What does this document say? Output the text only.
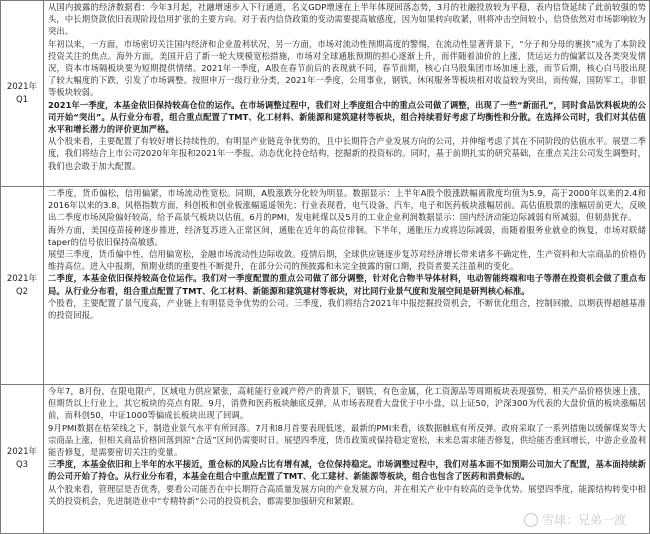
2021年
Q1

从国内披露的经济数据看：今年3月起，社融增速步入下行通道，名义GDP增速在上半年体现回落态势，3月的社融投放较为平稳，表内信贷延续了此前较强的势头，中长期贷款依旧表现阶段信用扩张的主要方向。对于表内信贷政策的变动需要提高敏感度，因为如果转向收紧，则将冲击空间较小，信贷依然对市场影响较为突出。

年初以来，一方面，市场密切关注国内经济和企业盈利状况，另一方面，市场对流动性预期高度的警惕，在流动性显著背景下，“分子和分母的裹挟”成为了本阶段投资关注的焦点。海外方面，美国开启了新一轮大规模宽松措施，市场对全球通胀预期的担心逐渐上升，而伴随着油价的上涨，货运运力的偏紧以及各类突发情况，资本市场隔板块要为短期提供情绪。2021年一季度，A股在春节前后的表现就不同，春节前期，核心白马股集团市场加速上涨，而节后期，核心白马股出现了较大幅度的下跌，引发了市场调整。按照申万一级行业分类，2021年一季度，公用事业，钢铁，休闲服务等板块相对收益较为突出，而传媒，国防军工，非银等板块较弱。

2021年一季度，本基金依旧保持较高仓位的运作。在市场调整过程中，我们对上季度组合中的重点公司做了调整，出现了一些“新面孔”，同时食品饮料板块的公司开始“突出”。从行业分布看，组合重点配置了TMT、化工材料、新能源和建筑建材等板块，组合持续看好考虑了均衡性和分散。在选择公司时，我们对其估值水平和增长潜力的评价更加严格。

从个股来看，主要配置了有较好增长持续性的，有明显产业链竞争优势的，且中长期符合产业发展方向的公司，并伸缩考虑了其在不同阶段的估值水平。展望二季度，我们将结合上市公司2020年年报和2021年一季报，动态优化持仓结构，挖掘新的投资标的。同时，基于前期扎实的研究基础，在重点关注公司发生调整时，我们也会敢于加大配置。

2021年
Q2

二季度，货币偏松，信用偏紧，市场流动性宽松。同期，A股涨跌分化较为明显。数据显示：上半年A股个股涨跌幅离散度均值为5.9，高于2000年以来的2.4和2016年以来的3.8。风格指数方面，科创板和创业板涨幅遥遥领先；行业表现看，电气设备，汽车，电子和医药板块涨幅居前。高估值股票的涨幅居前更大，反映出二季度市场风险偏好较高，给予高景气板块以估值。6月的PMI，发电耗煤以及5月的工业企业利润数据显示：国内经济动能边际减弱有所减弱，但韧劲犹存。

海外方面，美国疫苗接种逐步推进，经济复苏进入正常区间，通胀在近年的高位徘徊。下半年，通胀压力或将边际减弱，而随着服务业就业的恢复，市场对联储 taper的信号依旧保持高敏感。

展望三季度，货币偏中性，信用偏宽松，金融市场流动性边际收敛。疫情后期，全球供应链逐步复苏对经济增长带来诸多不确定性，生产资料和大宗商品的价格仍维持高位。进入中报期，预期业绩的重要性不断提升，在部分公司的预披露和未完全披露的窗口期，投资者要关注盈利的变化。

二季度，本基金依旧保持较高仓位运作。我们对一季度配置的重点公司做了部分调整，针对化合物半导体材料，电动智能终端和电子等潜在投资机会做了重点布局。从行业分布看，组合重点配置了TMT、化工材料、新能源和建筑建材等板块，对比同行业景气度和发展空间是研判核心标准。

个股看，主要配置了景气度高，产业链上有明显竞争优势的公司。三季度，我们将结合2021年中报挖掘投资机会，不断优化组合，控制回撤，以期获得超越基准的投资回报。

2021年
Q3

今年7，8月份，在限电限产，区域电力供应紧张，高耗能行业减产停产的背景下，钢铁，有色金属，化工资源品等周期板块表现强势，相关产品价格快速上涨，但期货以上行业上，其它板块的亮点有限。9月，消费和医药板块触底反弹，从市场表现看大盘优于中小盘，以上证50，沪深300为代表的大盘价值的板块涨幅居前，而科创50，中证1000等偏成长板块出现了回调。

9月PMI数据在枯荣线之下，制造业景气水平有所回落。7月和8月首要表现低迷，最新的PMI来看，该数据触底有所反弹。政府采取了一系列措施以缓解煤炭等大宗商品上涨，但相关商品价格回落到原“合适”区间仍需要时日。展望四季度，货币政策或保持稳定宽松，未来总需求能否修复，供给能否重回增长，中游企业盈利能否修复，是需要密切关注的变量。

三季度，本基金依旧和上半年的水平接近，重仓标的风险占比有增有减，仓位保持稳定。市场调整过程中，我们对基本面不如预期公司加大了配置，基本面持续新的公司开始了持仓。从行业分布看，本基金在组合中重点配置了TMT、化工建材、新能源等板块，组合也包含了医药和消费标的。

从个股来看，管理层是否优秀，要看公司能否在中长期符合高质量发展方向的产业发展方向，并在相关产业中有较高的竞争优势。展望四季度，能源结构转变中相关的投资机会，先进制造业中“专精特新”公司的投资机会，都需要加强研究和紧跟。

雪球：兄弟一渡
